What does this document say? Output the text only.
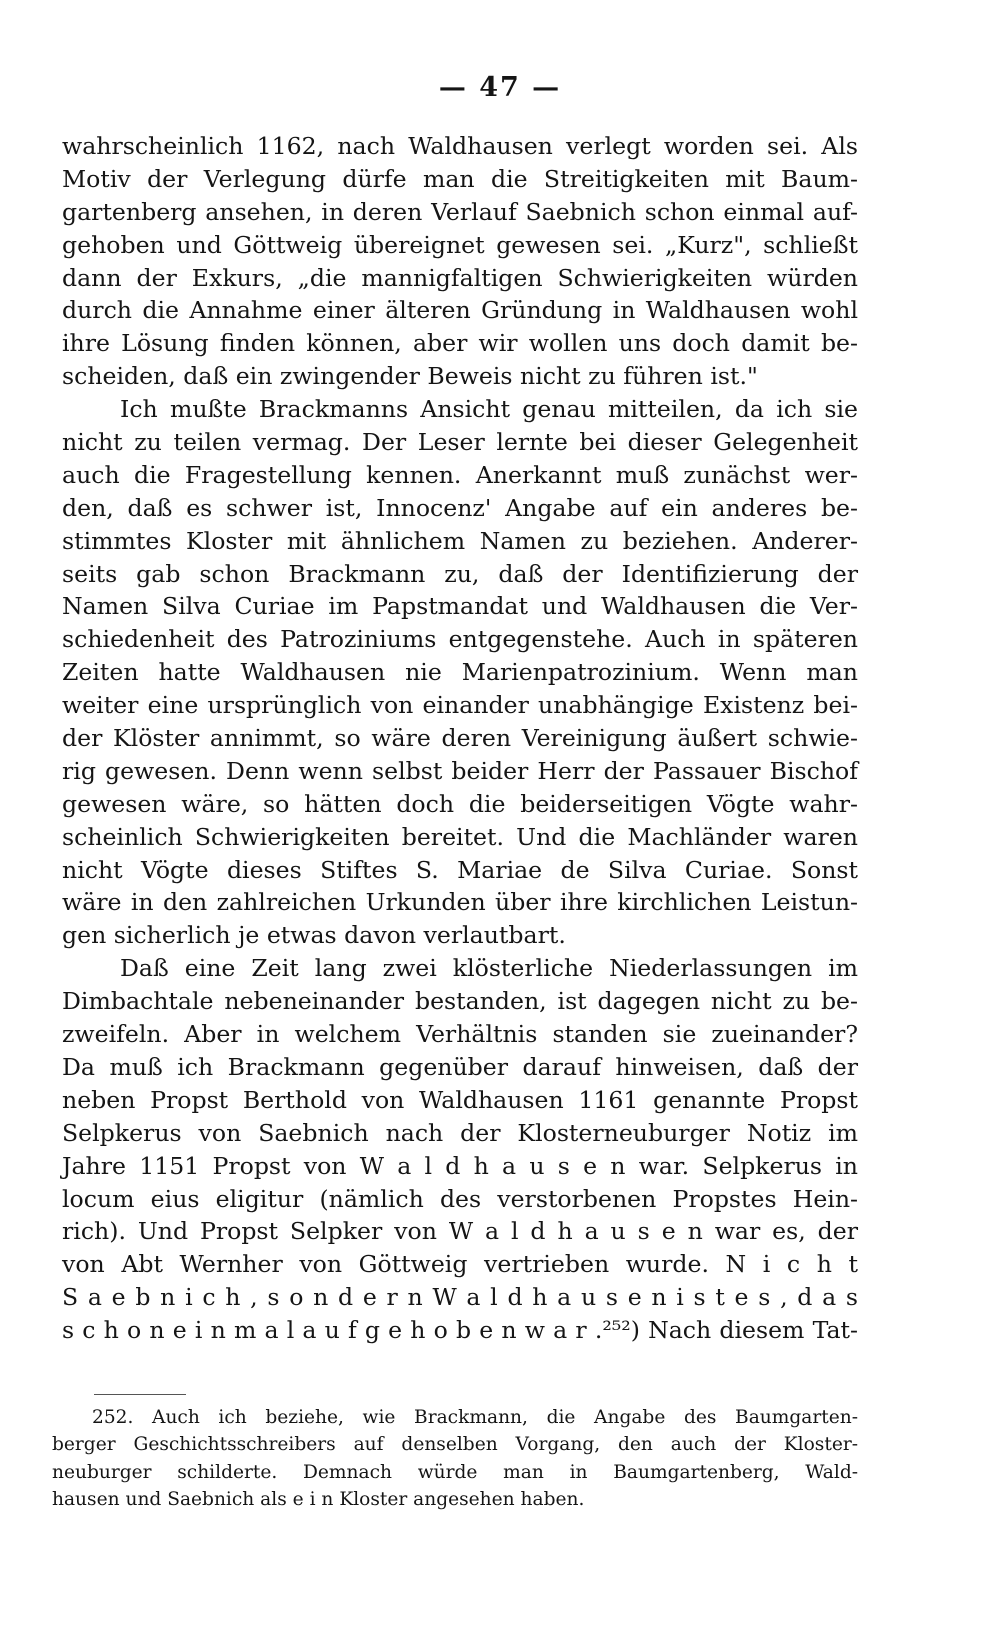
— 47 —
wahrscheinlich 1162, nach Waldhausen verlegt worden sei. Als
Motiv der Verlegung dürfe man die Streitigkeiten mit Baum-
gartenberg ansehen, in deren Verlauf Saebnich schon einmal auf-
gehoben und Göttweig übereignet gewesen sei. „Kurz", schließt
dann der Exkurs, „die mannigfaltigen Schwierigkeiten würden
durch die Annahme einer älteren Gründung in Waldhausen wohl
ihre Lösung finden können, aber wir wollen uns doch damit be-
scheiden, daß ein zwingender Beweis nicht zu führen ist."
Ich mußte Brackmanns Ansicht genau mitteilen, da ich sie
nicht zu teilen vermag. Der Leser lernte bei dieser Gelegenheit
auch die Fragestellung kennen. Anerkannt muß zunächst wer-
den, daß es schwer ist, Innocenz' Angabe auf ein anderes be-
stimmtes Kloster mit ähnlichem Namen zu beziehen. Anderer-
seits gab schon Brackmann zu, daß der Identifizierung der
Namen Silva Curiae im Papstmandat und Waldhausen die Ver-
schiedenheit des Patroziniums entgegenstehe. Auch in späteren
Zeiten hatte Waldhausen nie Marienpatrozinium. Wenn man
weiter eine ursprünglich von einander unabhängige Existenz bei-
der Klöster annimmt, so wäre deren Vereinigung äußert schwie-
rig gewesen. Denn wenn selbst beider Herr der Passauer Bischof
gewesen wäre, so hätten doch die beiderseitigen Vögte wahr-
scheinlich Schwierigkeiten bereitet. Und die Machländer waren
nicht Vögte dieses Stiftes S. Mariae de Silva Curiae. Sonst
wäre in den zahlreichen Urkunden über ihre kirchlichen Leistun-
gen sicherlich je etwas davon verlautbart.
Daß eine Zeit lang zwei klösterliche Niederlassungen im
Dimbachtale nebeneinander bestanden, ist dagegen nicht zu be-
zweifeln. Aber in welchem Verhältnis standen sie zueinander?
Da muß ich Brackmann gegenüber darauf hinweisen, daß der
neben Propst Berthold von Waldhausen 1161 genannte Propst
Selpkerus von Saebnich nach der Klosterneuburger Notiz im
Jahre 1151 Propst von W a l d h a u s e n war. Selpkerus in
locum eius eligitur (nämlich des verstorbenen Propstes Hein-
rich). Und Propst Selpker von W a l d h a u s e n war es, der
von Abt Wernher von Göttweig vertrieben wurde. N i c h t
S a e b n i c h , s o n d e r n W a l d h a u s e n i s t e s , d a s
s c h o n e i n m a l a u f g e h o b e n w a r .²⁵²) Nach diesem Tat-
252. Auch ich beziehe, wie Brackmann, die Angabe des Baumgarten-
berger Geschichtsschreibers auf denselben Vorgang, den auch der Kloster-
neuburger schilderte. Demnach würde man in Baumgartenberg, Wald-
hausen und Saebnich als e i n Kloster angesehen haben.
